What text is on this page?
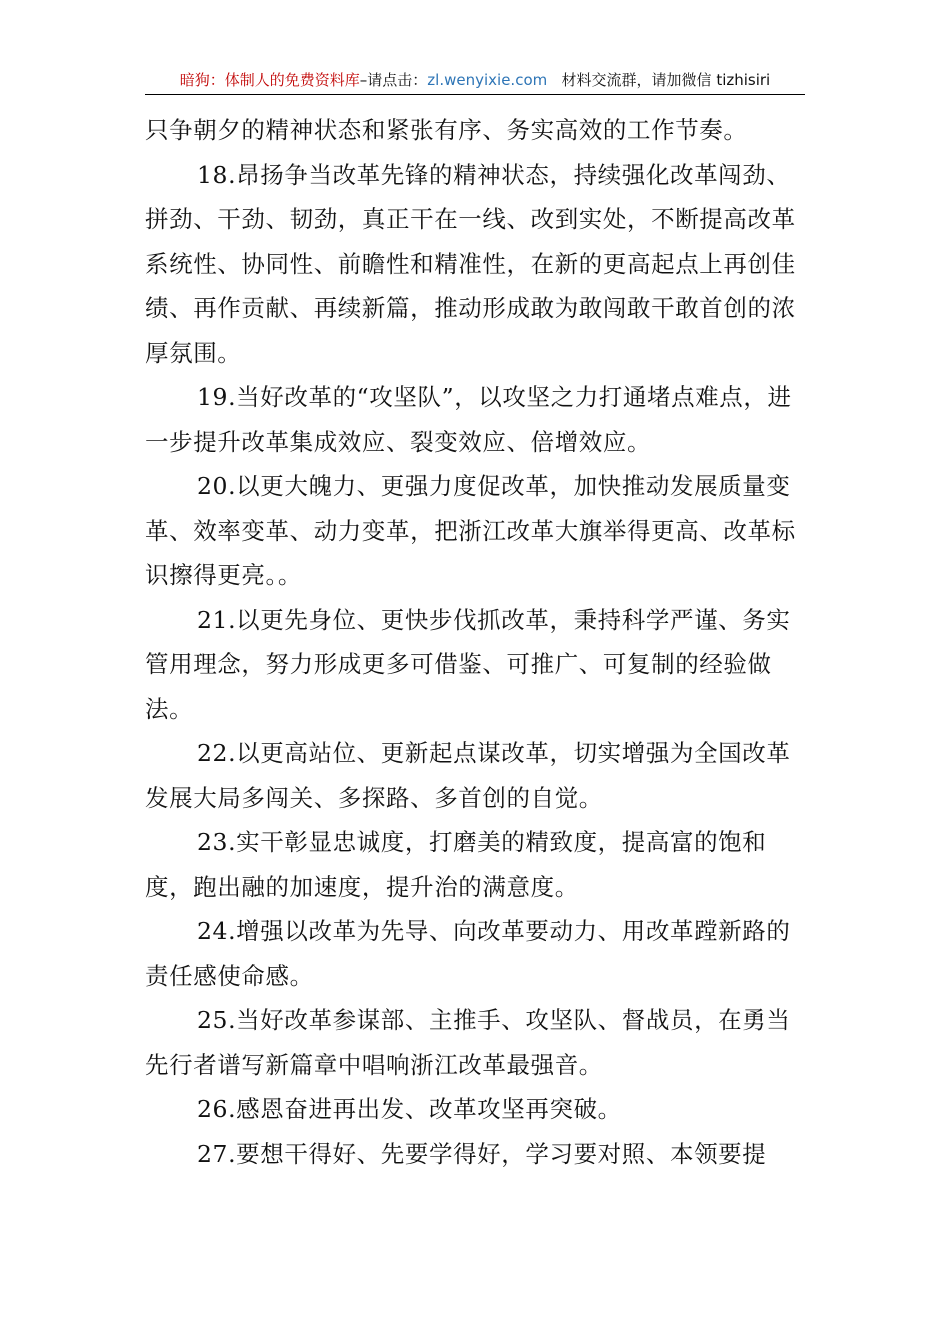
暗狗：体制人的免费资料库–请点击：zl.wenyixie.com 材料交流群，请加微信 tizhisiri

只争朝夕的精神状态和紧张有序、务实高效的工作节奏。

18.昂扬争当改革先锋的精神状态，持续强化改革闯劲、拼劲、干劲、韧劲，真正干在一线、改到实处，不断提高改革系统性、协同性、前瞻性和精准性，在新的更高起点上再创佳绩、再作贡献、再续新篇，推动形成敢为敢闯敢干敢首创的浓厚氛围。

19.当好改革的“攻坚队”，以攻坚之力打通堵点难点，进一步提升改革集成效应、裂变效应、倍增效应。

20.以更大魄力、更强力度促改革，加快推动发展质量变革、效率变革、动力变革，把浙江改革大旗举得更高、改革标识擦得更亮。。

21.以更先身位、更快步伐抓改革，秉持科学严谨、务实管用理念，努力形成更多可借鉴、可推广、可复制的经验做法。

22.以更高站位、更新起点谋改革，切实增强为全国改革发展大局多闯关、多探路、多首创的自觉。

23.实干彰显忠诚度，打磨美的精致度，提高富的饱和度，跑出融的加速度，提升治的满意度。

24.增强以改革为先导、向改革要动力、用改革蹚新路的责任感使命感。

25.当好改革参谋部、主推手、攻坚队、督战员，在勇当先行者谱写新篇章中唱响浙江改革最强音。

26.感恩奋进再出发、改革攻坚再突破。

27.要想干得好、先要学得好，学习要对照、本领要提
